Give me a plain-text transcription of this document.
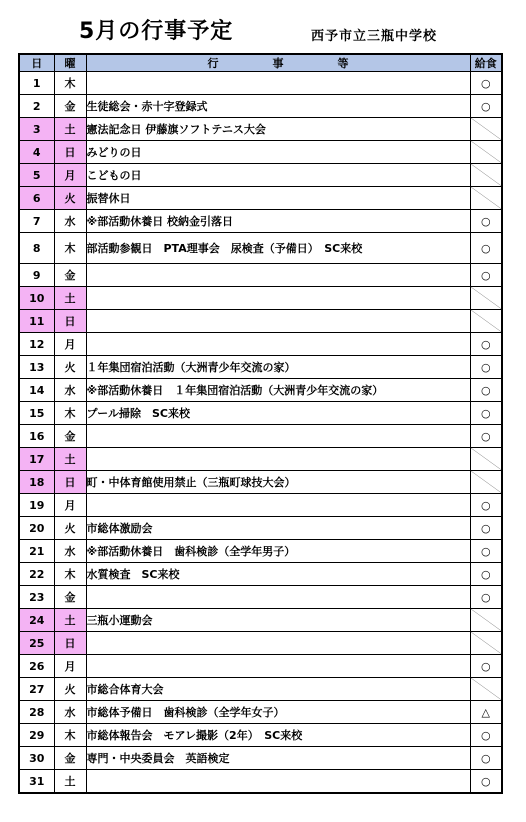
5月の行事予定	西予市立三瓶中学校
日	曜	行 事 等	給食
1	木		○
2	金	生徒総会・赤十字登録式	○
3	土	憲法記念日 伊藤旗ソフトテニス大会	

4	日	みどりの日	

5	月	こどもの日	

6	火	振替休日	

7	水	※部活動休養日 校納金引落日	○
8	木	部活動参観日　PTA理事会　尿検査（予備日）　SC来校	○
9	金		○
10	土		

11	日		

12	月		○
13	火	１年集団宿泊活動（大洲青少年交流の家）	○
14	水	※部活動休養日　１年集団宿泊活動（大洲青少年交流の家）	○
15	木	プール掃除　SC来校	○
16	金		○
17	土		

18	日	町・中体育館使用禁止（三瓶町球技大会）	

19	月		○
20	火	市総体激励会	○
21	水	※部活動休養日　歯科検診（全学年男子）	○
22	木	水質検査　SC来校	○
23	金		○
24	土	三瓶小運動会	

25	日		

26	月		○
27	火	市総合体育大会	

28	水	市総体予備日　歯科検診（全学年女子）	△
29	木	市総体報告会　モアレ撮影（2年）　SC来校	○
30	金	専門・中央委員会　英語検定	○
31	土		○
